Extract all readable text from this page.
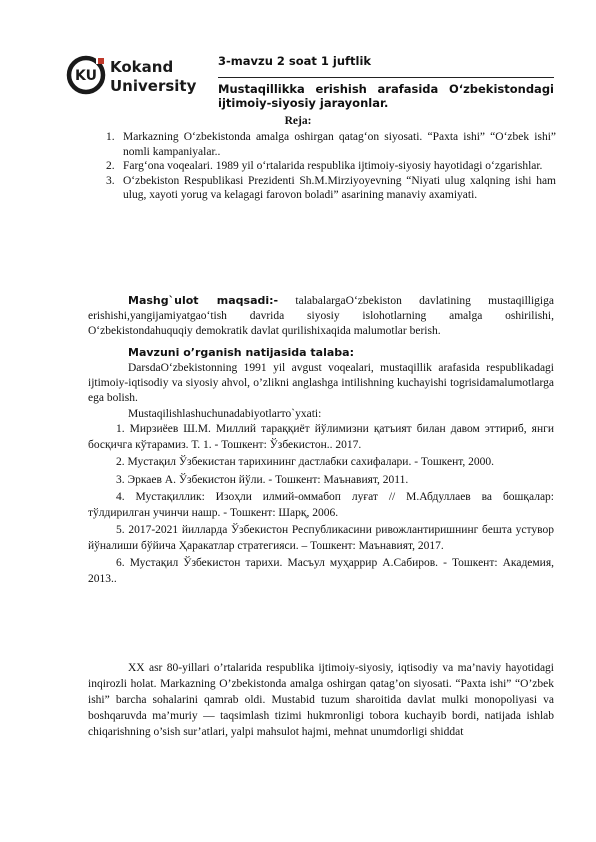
KU Kokand
University
3-mavzu 2 soat 1 juftlik
Mustaqillikka erishish arafasida O‘zbekistondagi ijtimoiy-siyosiy jarayonlar.
Reja:
1. Markazning O‘zbekistonda amalga oshirgan qatag‘on siyosati. “Paxta ishi” “O‘zbek ishi” nomli kampaniyalar..
2. Farg‘ona voqealari. 1989 yil o‘rtalarida respublika ijtimoiy-siyosiy hayotidagi o‘zgarishlar.
3. O‘zbekiston Respublikasi Prezidenti Sh.M.Mirziyoyevning “Niyati ulug xalqning ishi ham ulug, xayoti yorug va kelagagi farovon boladi” asarining manaviy axamiyati.
Mashg`ulot maqsadi:- talabalargaO‘zbekiston davlatining mustaqilligiga erishishi,yangijamiyatgao‘tish davrida siyosiy islohotlarning amalga oshirilishi, O‘zbekistondahuquqiy demokratik davlat qurilishixaqida malumotlar berish.
Mavzuni o’rganish natijasida talaba:
DarsdaO‘zbekistonning 1991 yil avgust voqealari, mustaqillik arafasida respublikadagi ijtimoiy-iqtisodiy va siyosiy ahvol, o’zlikni anglashga intilishning kuchayishi togrisidamalumotlarga ega bolish.
Mustaqilishlashuchunadabiyotlarто`yxati:
1. Мирзиёев Ш.М. Миллий тараққиёт йўлимизни қатъият билан давом эттириб, янги босқичга кўтарамиз. Т. 1. - Тошкент: Ўзбекистон.. 2017.
2. Мустақил Ўзбекистан тарихининг дастлабки сахифалари. - Тошкент, 2000.
3. Эркаев А. Ўзбекистон йўли. - Тошкент: Маънавият, 2011.
4. Мустақиллик: Изоҳли илмий-оммабоп луғат // М.Абдуллаев ва бошқалар: тўлдирилган учинчи нашр. - Тошкент: Шарқ, 2006.
5. 2017-2021 йилларда Ўзбекистон Республикасини ривожлантиришнинг бешта устувор йўналиши бўйича Ҳаракатлар стратегияси. – Тошкент: Маънавият, 2017.
6. Мустақил Ўзбекистон тарихи. Масъул муҳаррир А.Сабиров. - Тошкент: Академия, 2013..
XX asr 80-yillari o’rtalarida respublika ijtimoiy-siyosiy, iqtisodiy va ma’naviy hayotidagi inqirozli holat. Markazning O’zbekistonda amalga oshirgan qatag’on siyosati. “Paxta ishi” “O’zbek ishi” barcha sohalarini qamrab oldi. Mustabid tuzum sharoitida davlat mulki monopoliyasi va boshqaruvda ma’muriy — taqsimlash tizimi hukmronligi tobora kuchayib bordi, natijada ishlab chiqarishning o’sish sur’atlari, yalpi mahsulot hajmi, mehnat unumdorligi shiddat
